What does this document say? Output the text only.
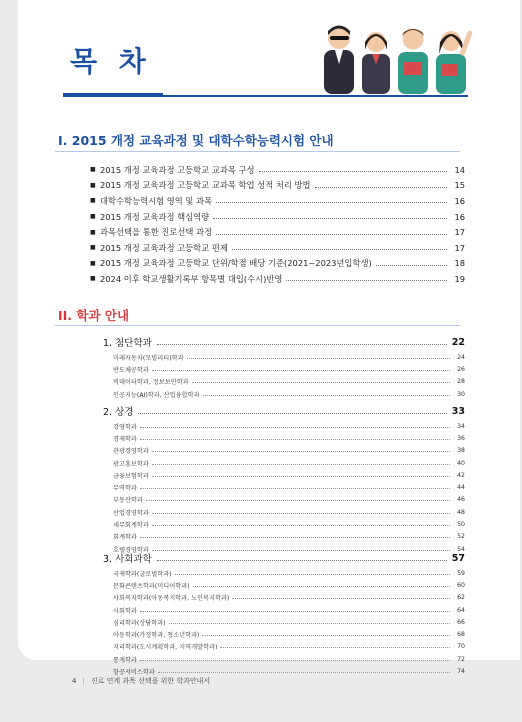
목 차
I. 2015 개정 교육과정 및 대학수학능력시험 안내
■ 2015 개정 교육과정 고등학교 교과목 구성	14
■ 2015 개정 교육과정 고등학교 교과목 학업 성적 처리 방법	15
■ 대학수학능력시험 영역 및 과목	16
■ 2015 개정 교육과정 핵심역량	16
■ 과목선택을 통한 진로선택 과정	17
■ 2015 개정 교육과정 고등학교 편제	17
■ 2015 개정 교육과정 고등학교 단위/학점 배당 기준(2021~2023년입학생)	18
■ 2024 이후 학교생활기록부 항목별 대입(수시)반영	19
II. 학과 안내
1. 첨단학과	22
미래자동차(모빌리티)학과	24
반도체공학과	26
빅데이터학과, 정보보안학과	28
인공지능(AI)학과, 산업융합학과	30
2. 상경	33
경영학과	34
경제학과	36
관광경영학과	38
광고홍보학과	40
금융보험학과	42
무역학과	44
부동산학과	46
산업경영학과	48
세무회계학과	50
회계학과	52
호텔경영학과	54
3. 사회과학	57
국제학과(글로벌학과)	59
문화콘텐츠학과(미디어학과)	60
사회복지학과(아동복지학과, 노인복지학과)	62
사회학과	64
심리학과(상담학과)	66
아동학과(가정학과, 청소년학과)	68
지리학과(도시계획학과, 지역개발학과)	70
통계학과	72
항공서비스학과	74
4 | 진로 연계 과목 선택을 위한 학과안내서
